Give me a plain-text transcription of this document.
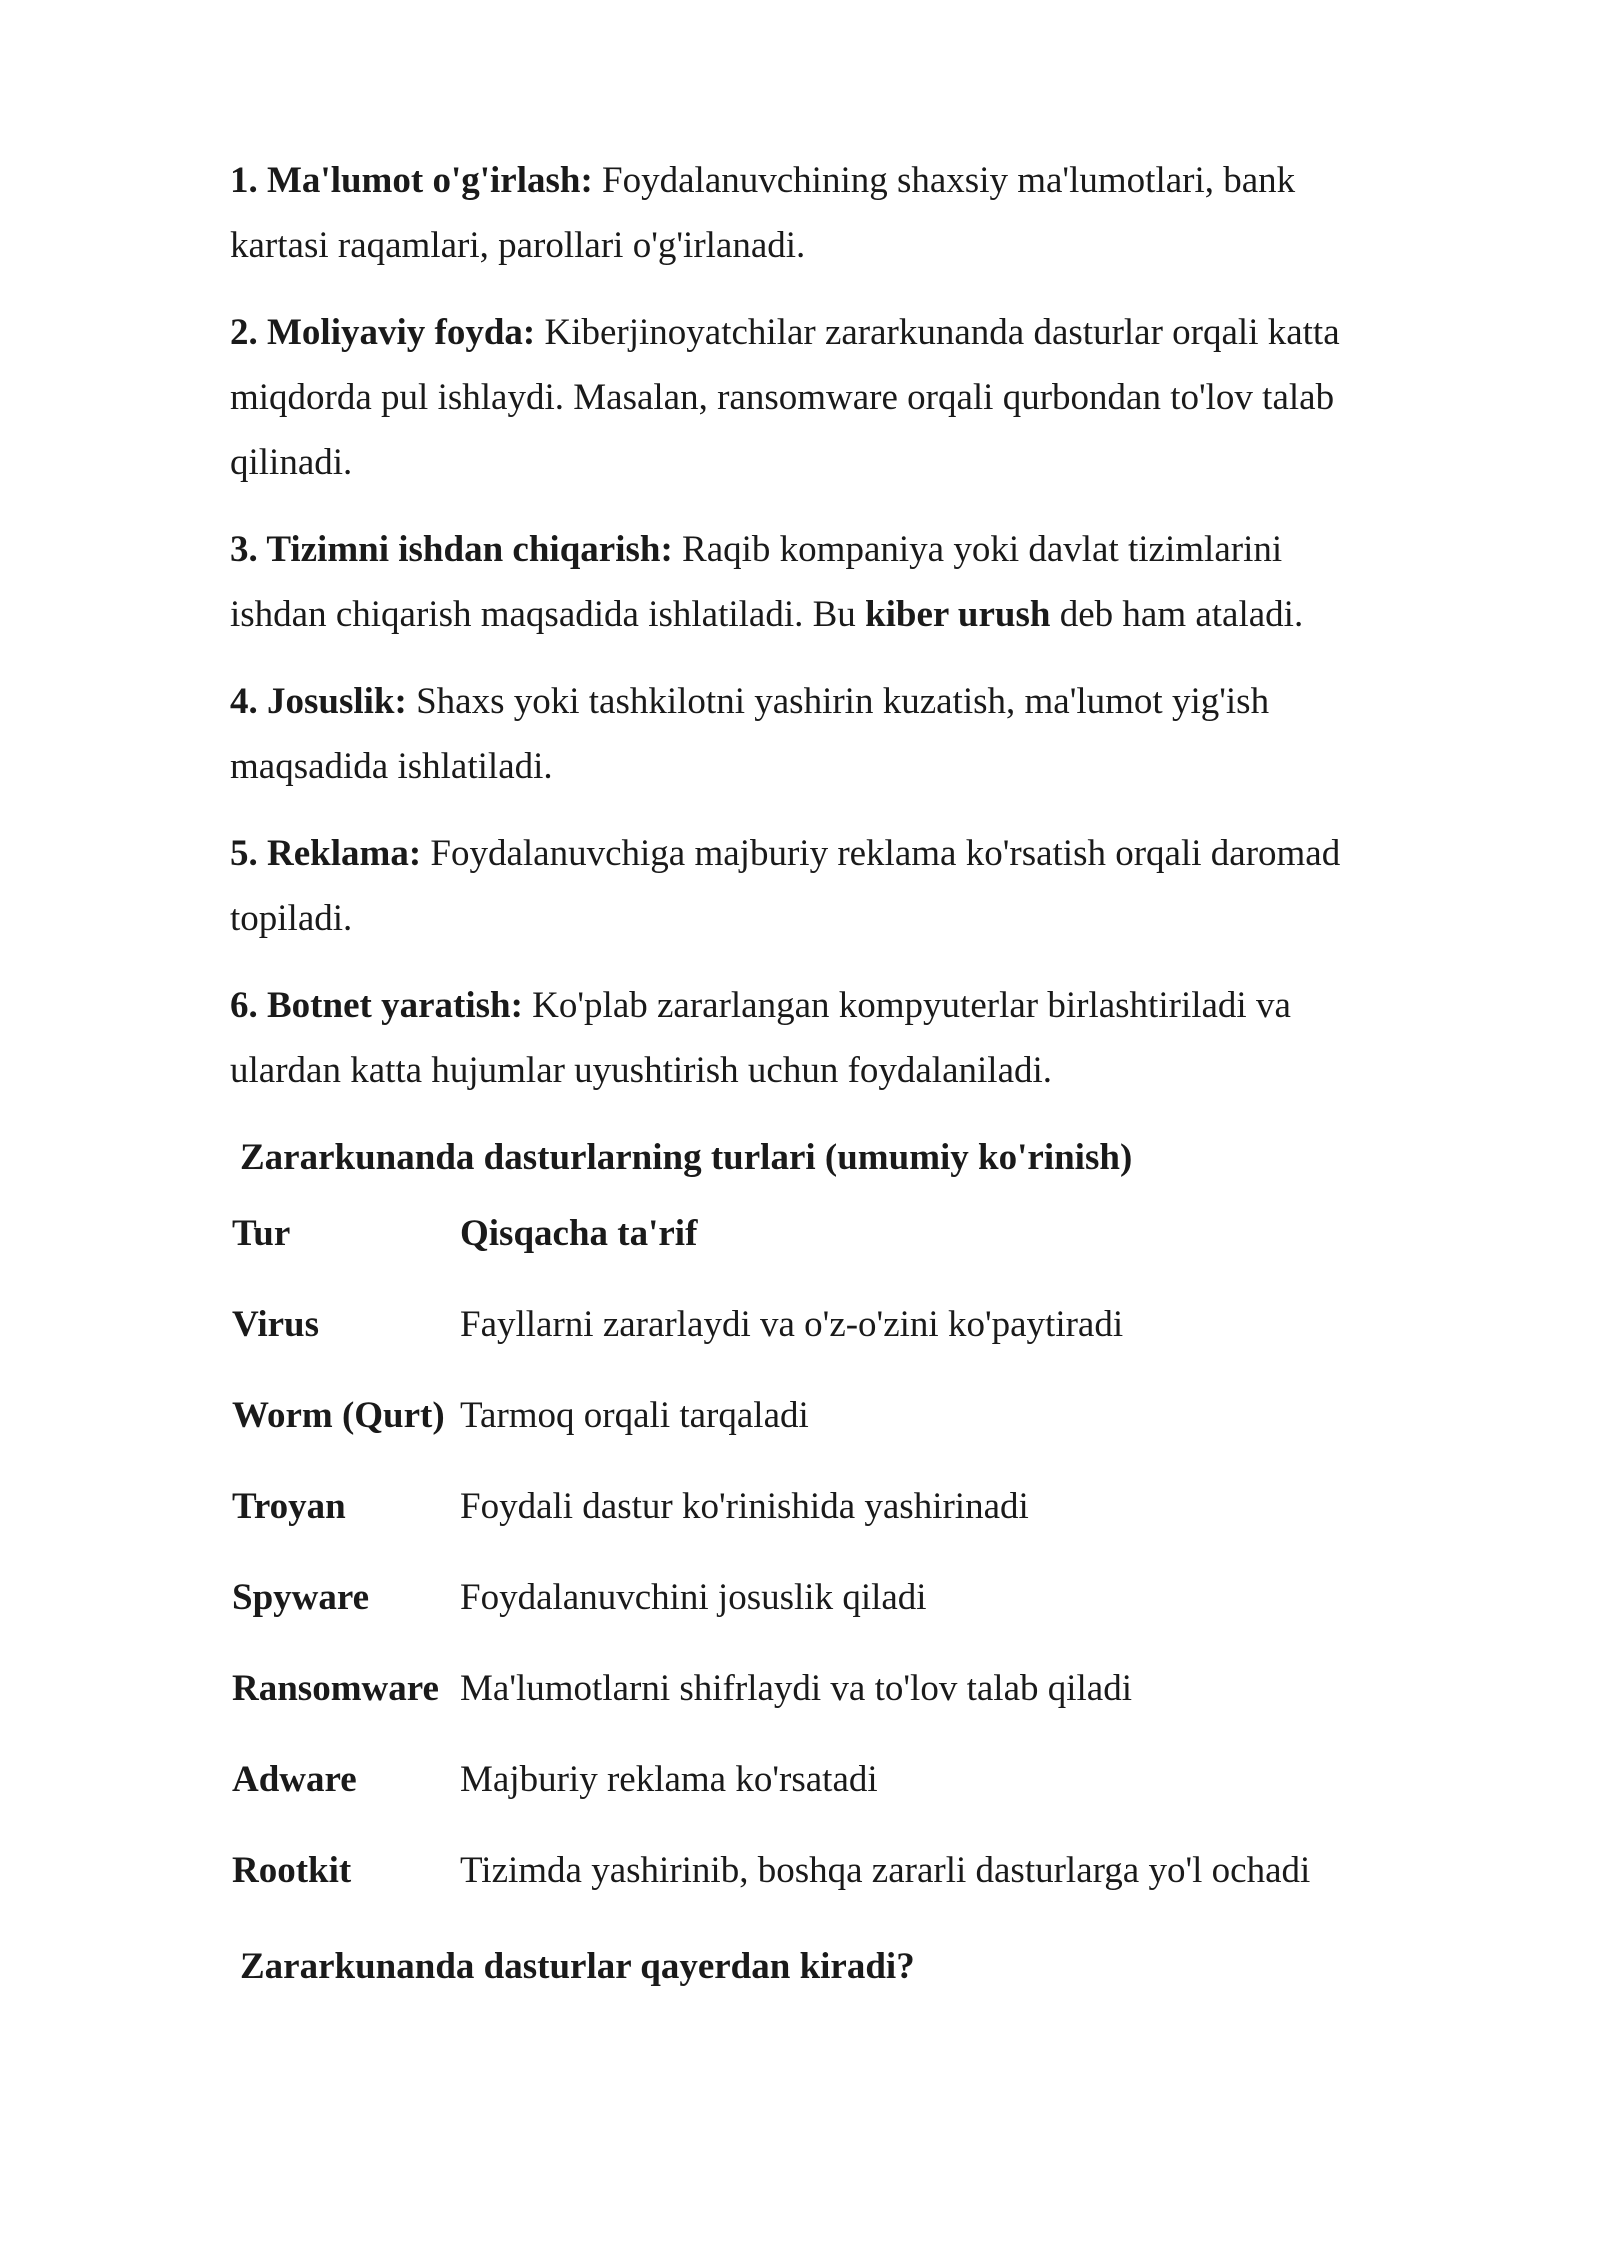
1. Ma'lumot o'g'irlash: Foydalanuvchining shaxsiy ma'lumotlari, bank kartasi raqamlari, parollari o'g'irlanadi.

2. Moliyaviy foyda: Kiberjinoyatchilar zararkunanda dasturlar orqali katta miqdorda pul ishlaydi. Masalan, ransomware orqali qurbondan to'lov talab qilinadi.

3. Tizimni ishdan chiqarish: Raqib kompaniya yoki davlat tizimlarini ishdan chiqarish maqsadida ishlatiladi. Bu kiber urush deb ham ataladi.

4. Josuslik: Shaxs yoki tashkilotni yashirin kuzatish, ma'lumot yig'ish maqsadida ishlatiladi.

5. Reklama: Foydalanuvchiga majburiy reklama ko'rsatish orqali daromad topiladi.

6. Botnet yaratish: Ko'plab zararlangan kompyuterlar birlashtiriladi va ulardan katta hujumlar uyushtirish uchun foydalaniladi.

Zararkunanda dasturlarning turlari (umumiy ko'rinish)
Tur	Qisqacha ta'rif
Virus	Fayllarni zararlaydi va o'z-o'zini ko'paytiradi
Worm (Qurt) Tarmoq orqali tarqaladi
Troyan	Foydali dastur ko'rinishida yashirinadi
Spyware	Foydalanuvchini josuslik qiladi
Ransomware Ma'lumotlarni shifrlaydi va to'lov talab qiladi
Adware	Majburiy reklama ko'rsatadi
Rootkit	Tizimda yashirinib, boshqa zararli dasturlarga yo'l ochadi
Zararkunanda dasturlar qayerdan kiradi?
